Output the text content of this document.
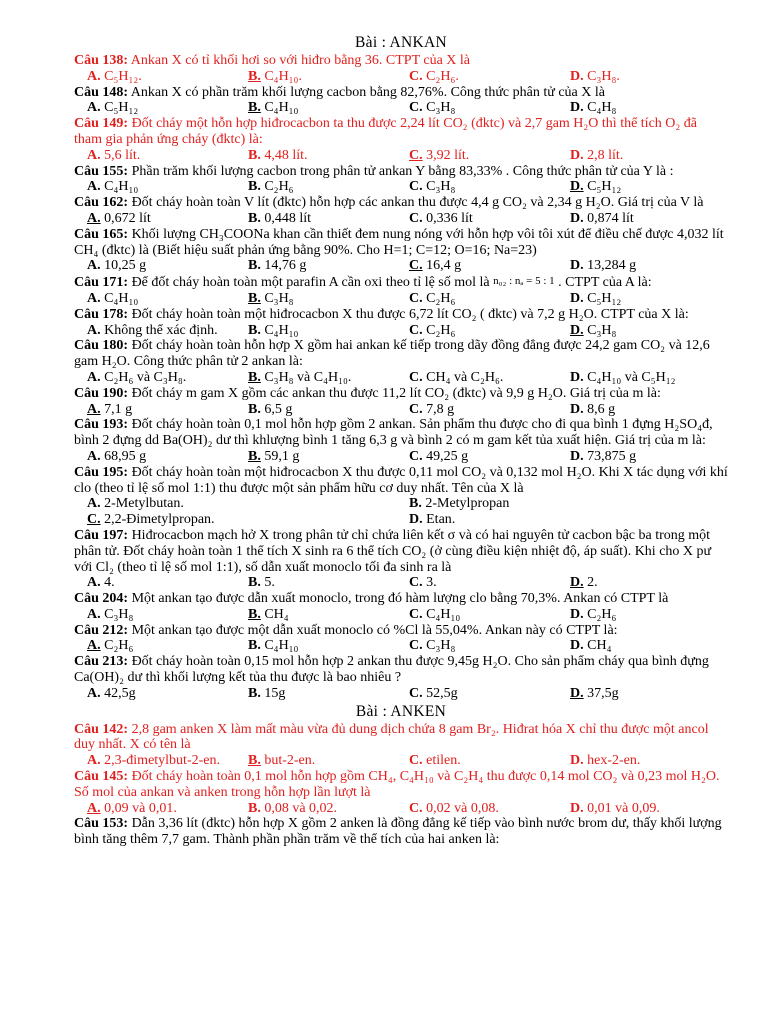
Bài : ANKAN
Câu 138: Ankan X có tỉ khối hơi so với hiđro bằng 36. CTPT của X là
A. C₅H₁₂.	B. C₄H₁₀.	C. C₂H₆.	D. C₃H₈.
Câu 148: Ankan X có phần trăm khối lượng cacbon bằng 82,76%. Công thức phân tử của X là
A. C₅H₁₂	B. C₄H₁₀	C. C₃H₈	D. C₄H₈
Câu 149: Đốt cháy một hỗn hợp hiđrocacbon ta thu được 2,24 lít CO₂ (đktc) và 2,7 gam H₂O thì thể tích O₂ đã tham gia phản ứng cháy (đktc) là:
A. 5,6 lít.	B. 4,48 lít.	C. 3,92 lít.	D. 2,8 lít.
Câu 155: Phần trăm khối lượng cacbon trong phân tử ankan Y bằng 83,33% . Công thức phân tử của Y là :
A. C₄H₁₀	B. C₂H₆	C. C₃H₈	D. C₅H₁₂
Câu 162: Đốt cháy hoàn toàn V lít (đktc) hỗn hợp các ankan thu được 4,4 g CO₂ và 2,34 g H₂O. Giá trị của V là
A. 0,672 lít	B. 0,448 lít	C. 0,336 lít	D. 0,874 lít
Câu 165: Khối lượng CH₃COONa khan cần thiết đem nung nóng với hỗn hợp vôi tôi xút để điều chế được 4,032 lít CH₄ (đktc) là (Biết hiệu suất phản ứng bằng 90%. Cho H=1; C=12; O=16; Na=23)
A. 10,25 g	B. 14,76 g	C. 16,4 g	D. 13,284 g
Câu 171: Để đốt cháy hoàn toàn một parafin A cần oxi theo tỉ lệ số mol là n₀₂ : nₐ = 5 : 1 . CTPT của A là:
A. C₄H₁₀	B. C₃H₈	C. C₂H₆	D. C₅H₁₂
Câu 178: Đốt cháy hoàn toàn một hiđrocacbon X thu được 6,72 lít CO₂ ( đktc) và 7,2 g H₂O. CTPT của X là:
A. Không thể xác định.	B. C₄H₁₀	C. C₂H₆	D. C₃H₈
Câu 180: Đốt cháy hoàn toàn hỗn hợp X gồm hai ankan kế tiếp trong dãy đồng đẳng được 24,2 gam CO₂ và 12,6 gam H₂O. Công thức phân tử 2 ankan là:
A. C₂H₆ và C₃H₈.	B. C₃H₈ và C₄H₁₀.	C. CH₄ và C₂H₆.	D. C₄H₁₀ và C₅H₁₂
Câu 190: Đốt cháy m gam X gồm các ankan thu được 11,2 lít CO₂ (đktc) và 9,9 g H₂O. Giá trị của m là:
A. 7,1 g	B. 6,5 g	C. 7,8 g	D. 8,6 g
Câu 193: Đốt cháy hoàn toàn 0,1 mol hỗn hợp gồm 2 ankan. Sản phẩm thu được cho đi qua bình 1 đựng H₂SO₄đ, bình 2 đựng dd Ba(OH)₂ dư thì khlượng bình 1 tăng 6,3 g và bình 2 có m gam kết tủa xuất hiện. Giá trị của m là:
A. 68,95 g	B. 59,1 g	C. 49,25 g	D. 73,875 g
Câu 195: Đốt cháy hoàn toàn một hiđrocacbon X thu được 0,11 mol CO₂ và 0,132 mol H₂O. Khi X tác dụng với khí clo (theo tỉ lệ số mol 1:1) thu được một sản phẩm hữu cơ duy nhất. Tên của X là
A. 2-Metylbutan.	B. 2-Metylpropan
C. 2,2-Đimetylpropan.	D. Etan.
Câu 197: Hiđrocacbon mạch hở X trong phân tử chỉ chứa liên kết σ và có hai nguyên tử cacbon bậc ba trong một phân tử. Đốt cháy hoàn toàn 1 thể tích X sinh ra 6 thể tích CO₂ (ở cùng điều kiện nhiệt độ, áp suất). Khi cho X pư với Cl₂ (theo tỉ lệ số mol 1:1), số dẫn xuất monoclo tối đa sinh ra là
A. 4.	B. 5.	C. 3.	D. 2.
Câu 204: Một ankan tạo được dẫn xuất monoclo, trong đó hàm lượng clo bằng 70,3%. Ankan có CTPT là
A. C₃H₈	B. CH₄	C. C₄H₁₀	D. C₂H₆
Câu 212: Một ankan tạo được một dẫn xuất monoclo có %Cl là 55,04%. Ankan này có CTPT là:
A. C₂H₆	B. C₄H₁₀	C. C₃H₈	D. CH₄
Câu 213: Đốt cháy hoàn toàn 0,15 mol hỗn hợp 2 ankan thu được 9,45g H₂O. Cho sản phẩm cháy qua bình đựng Ca(OH)₂ dư thì khối lượng kết tủa thu được là bao nhiêu ?
A. 42,5g	B. 15g	C. 52,5g	D. 37,5g
Bài : ANKEN
Câu 142: 2,8 gam anken X làm mất màu vừa đủ dung dịch chứa 8 gam Br₂. Hiđrat hóa X chỉ thu được một ancol duy nhất. X có tên là
A. 2,3-đimetylbut-2-en.	B. but-2-en.	C. etilen.	D. hex-2-en.
Câu 145: Đốt cháy hoàn toàn 0,1 mol hỗn hợp gồm CH₄, C₄H₁₀ và C₂H₄ thu được 0,14 mol CO₂ và 0,23 mol H₂O. Số mol của ankan và anken trong hỗn hợp lần lượt là
A. 0,09 và 0,01.	B. 0,08 và 0,02.	C. 0,02 và 0,08.	D. 0,01 và 0,09.
Câu 153: Dẫn 3,36 lít (đktc) hỗn hợp X gồm 2 anken là đồng đẳng kế tiếp vào bình nước brom dư, thấy khối lượng bình tăng thêm 7,7 gam. Thành phần phần trăm về thể tích của hai anken là:
